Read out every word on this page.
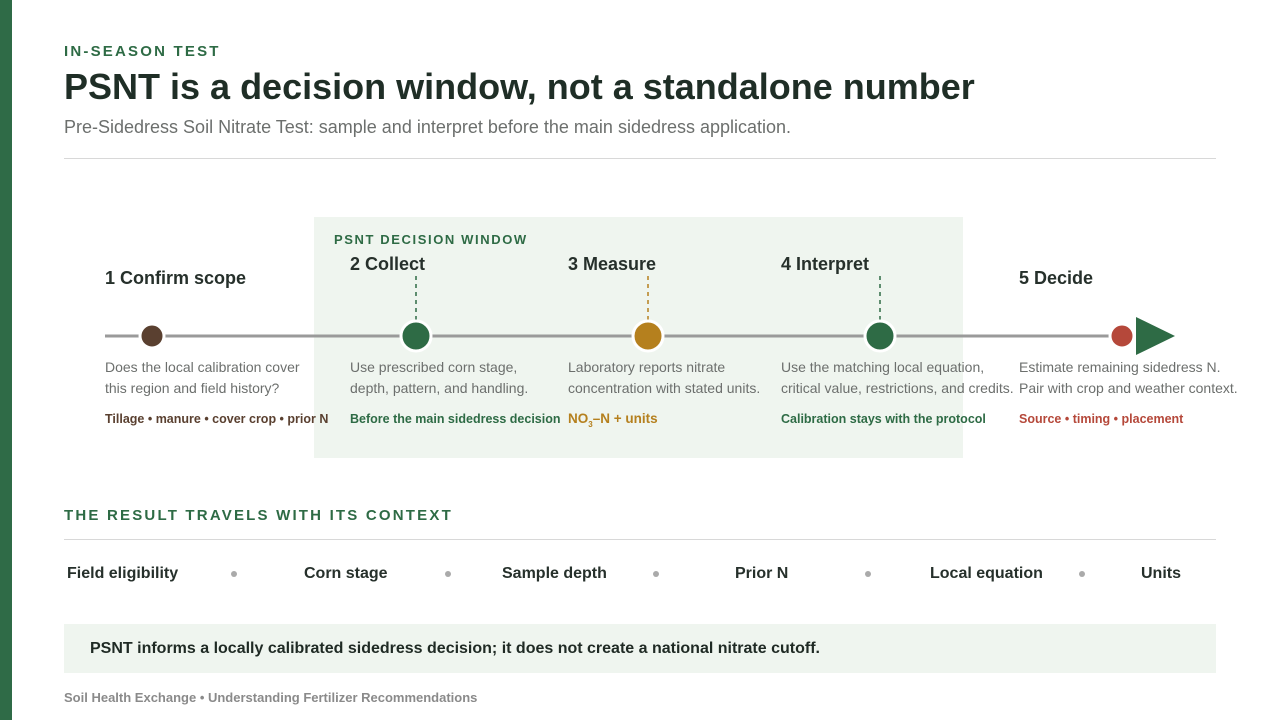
IN-SEASON TEST
PSNT is a decision window, not a standalone number
Pre-Sidedress Soil Nitrate Test: sample and interpret before the main sidedress application.
PSNT DECISION WINDOW
1 Confirm scope
Does the local calibration cover
this region and field history?
Tillage • manure • cover crop • prior N
2 Collect
Use prescribed corn stage,
depth, pattern, and handling.
Before the main sidedress decision
3 Measure
Laboratory reports nitrate
concentration with stated units.
$NO_3-N$ + units
4 Interpret
Use the matching local equation,
critical value, restrictions, and credits.
Calibration stays with the protocol
5 Decide
Estimate remaining sidedress N.
Pair with crop and weather context.
Source • timing • placement
THE RESULT TRAVELS WITH ITS CONTEXT
Field eligibility	Corn stage	Sample depth	Prior N	Local equation	Units
PSNT informs a locally calibrated sidedress decision; it does not create a national nitrate cutoff.
Soil Health Exchange • Understanding Fertilizer Recommendations
